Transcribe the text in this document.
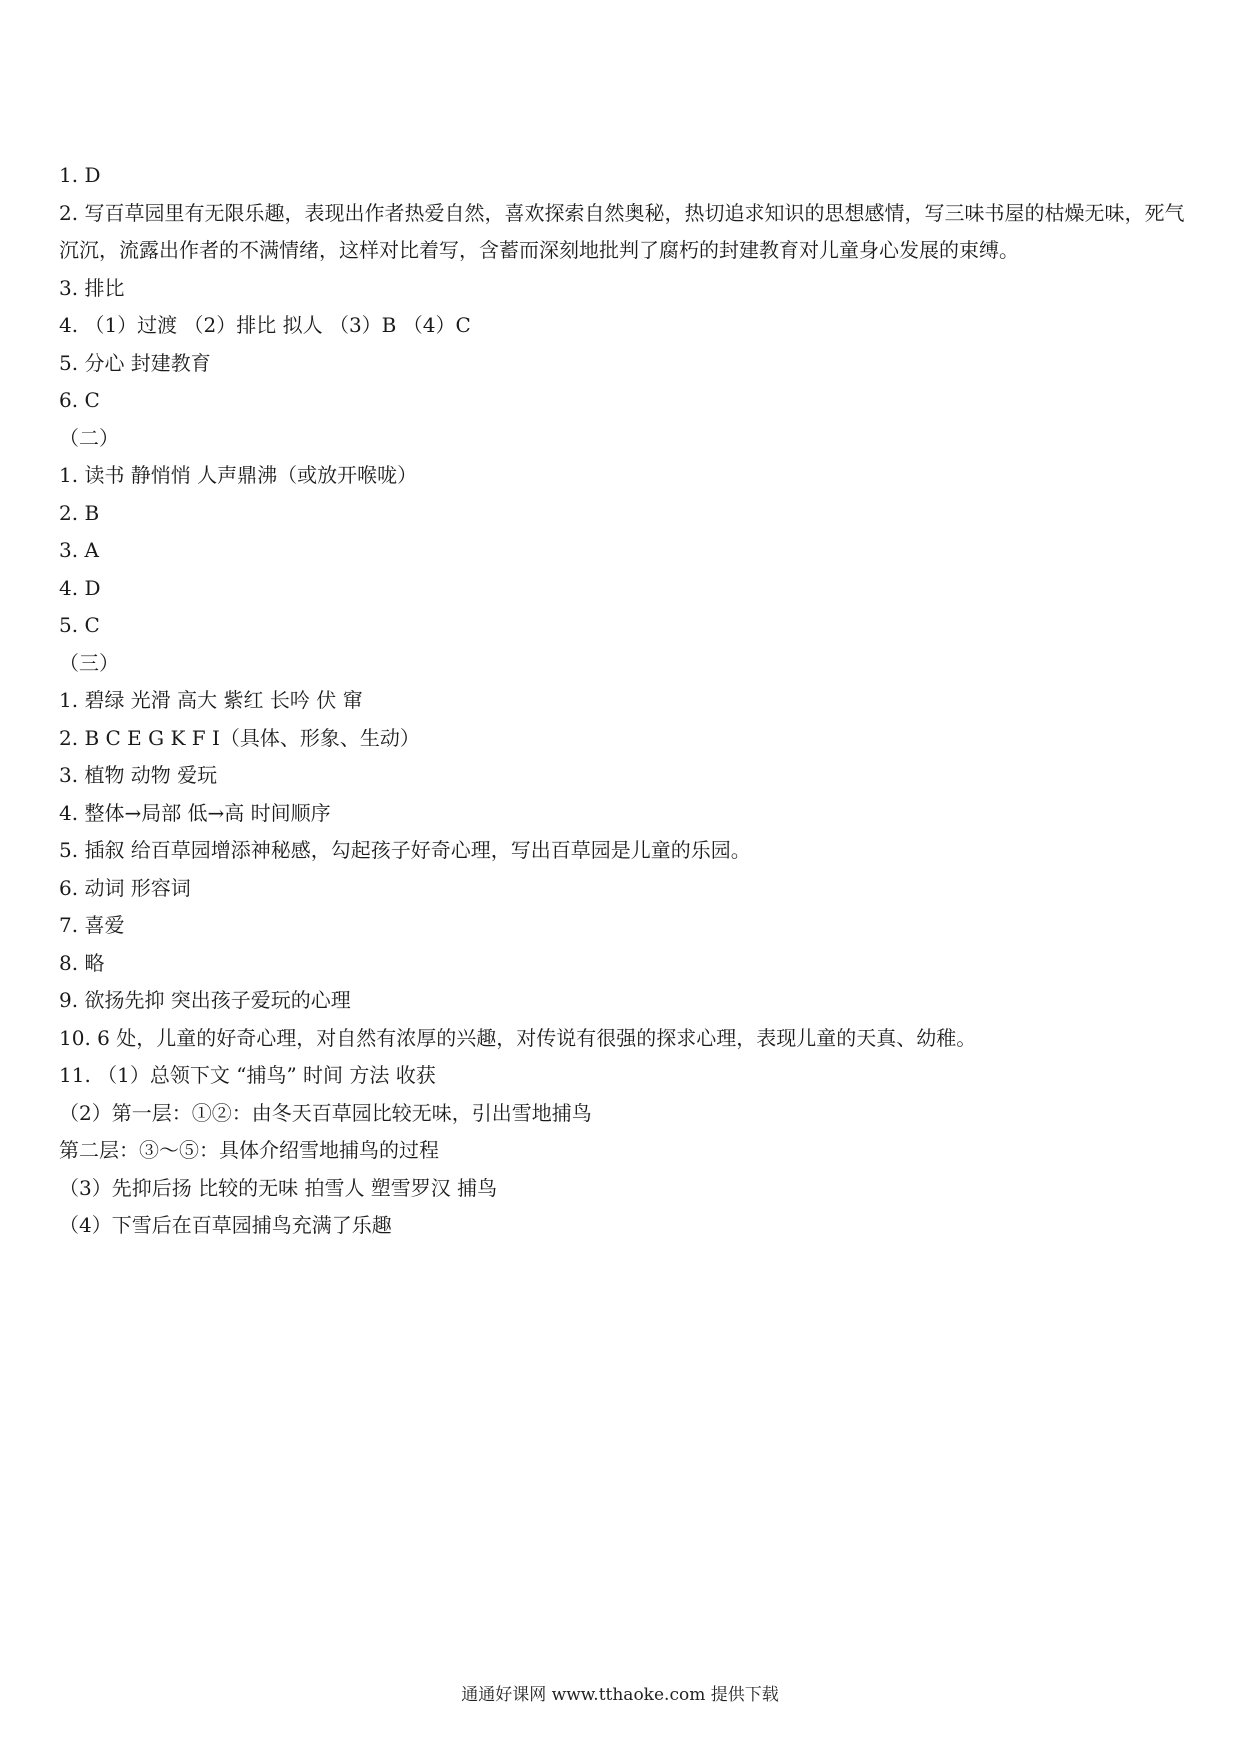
1. D
2. 写百草园里有无限乐趣，表现出作者热爱自然，喜欢探索自然奥秘，热切追求知识的思想感情，写三味书屋的枯燥无味，死气沉沉，流露出作者的不满情绪，这样对比着写，含蓄而深刻地批判了腐朽的封建教育对儿童身心发展的束缚。
3. 排比
4. （1）过渡 （2）排比 拟人 （3）B （4）C
5. 分心 封建教育
6. C
（二）
1. 读书 静悄悄 人声鼎沸（或放开喉咙）
2. B
3. A
4. D
5. C
（三）
1. 碧绿 光滑 高大 紫红 长吟 伏 窜
2. B C E G K F I（具体、形象、生动）
3. 植物 动物 爱玩
4. 整体→局部 低→高 时间顺序
5. 插叙 给百草园增添神秘感，勾起孩子好奇心理，写出百草园是儿童的乐园。
6. 动词 形容词
7. 喜爱
8. 略
9. 欲扬先抑 突出孩子爱玩的心理
10. 6 处，儿童的好奇心理，对自然有浓厚的兴趣，对传说有很强的探求心理，表现儿童的天真、幼稚。
11. （1）总领下文 “捕鸟” 时间 方法 收获
（2）第一层：①②：由冬天百草园比较无味，引出雪地捕鸟
第二层：③～⑤：具体介绍雪地捕鸟的过程
（3）先抑后扬 比较的无味 拍雪人 塑雪罗汉 捕鸟
（4）下雪后在百草园捕鸟充满了乐趣
通通好课网 www.tthaoke.com 提供下载
